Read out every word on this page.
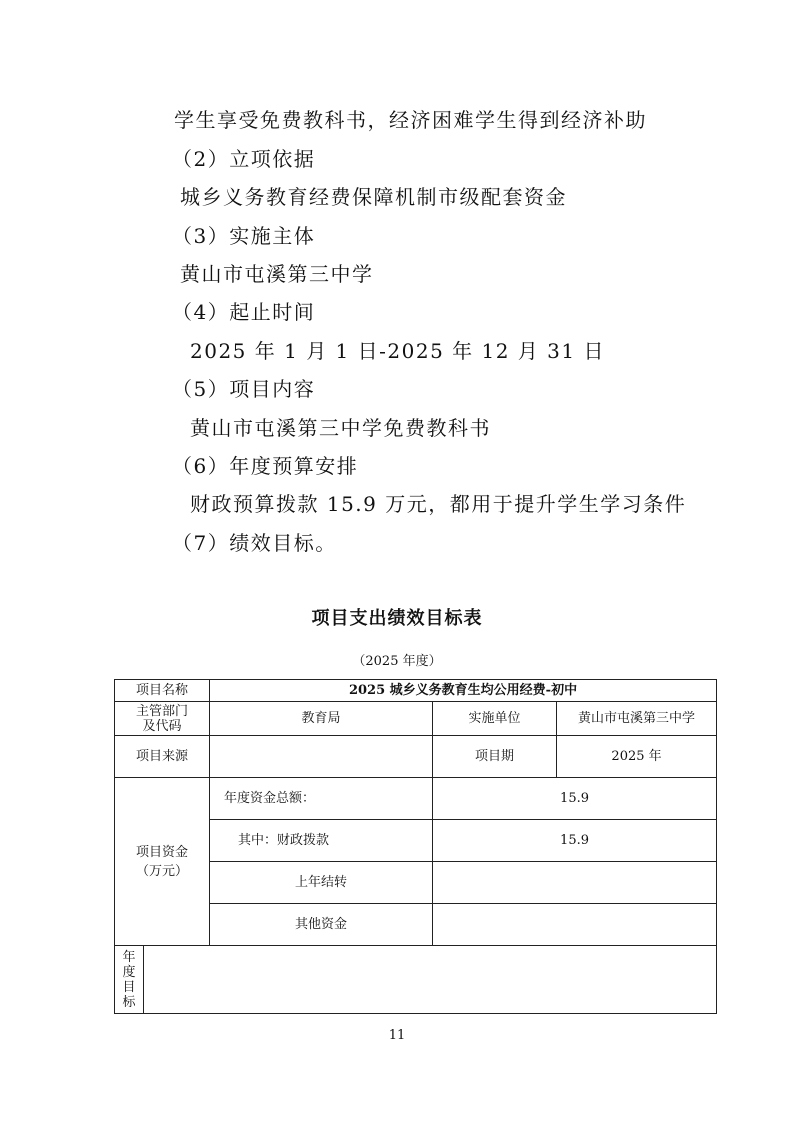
学生享受免费教科书，经济困难学生得到经济补助
（2）立项依据
城乡义务教育经费保障机制市级配套资金
（3）实施主体
黄山市屯溪第三中学
（4）起止时间
2025 年 1 月 1 日-2025 年 12 月 31 日
（5）项目内容
黄山市屯溪第三中学免费教科书
（6）年度预算安排
财政预算拨款 15.9 万元，都用于提升学生学习条件
（7）绩效目标。
项目支出绩效目标表
（2025 年度）
项目名称		2025 城乡义务教育生均公用经费-初中		

主管部门
及代码		教育局	实施单位	黄山市屯溪第三中学
项目来源			项目期	2025 年

项目资金
（万元）		年度资金总额：	15.9	
		其中：财政拨款	15.9	
		上年结转		
		其他资金		

年
度
目
标				

11
